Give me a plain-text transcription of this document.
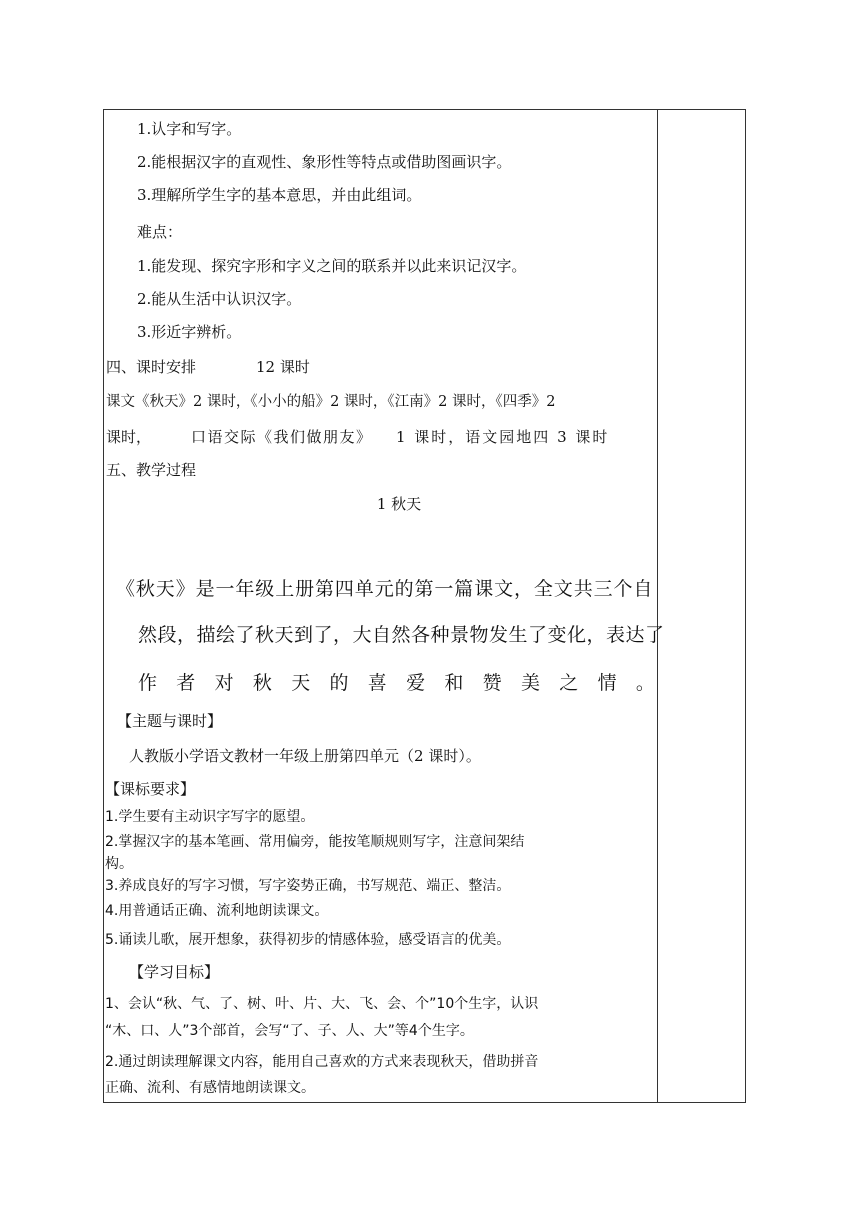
1.认字和写字。
2.能根据汉字的直观性、象形性等特点或借助图画识字。
3.理解所学生字的基本意思，并由此组词。
难点：
1.能发现、探究字形和字义之间的联系并以此来识记汉字。
2.能从生活中认识汉字。
3.形近字辨析。
四、课时安排	12 课时
课文《秋天》2 课时，《小小的船》2 课时，《江南》2 课时，《四季》2
课时，	口语交际《我们做朋友》 1 课时，语文园地四 3 课时
五、教学过程
1 秋天
《秋天》是一年级上册第四单元的第一篇课文，全文共三个自
然段，描绘了秋天到了，大自然各种景物发生了变化，表达了
作 者 对 秋 天 的 喜 爱 和 赞 美 之 情 。
【主题与课时】
人教版小学语文教材一年级上册第四单元（2 课时）。
【课标要求】
1.学生要有主动识字写字的愿望。
2.掌握汉字的基本笔画、常用偏旁，能按笔顺规则写字，注意间架结
构。
3.养成良好的写字习惯，写字姿势正确，书写规范、端正、整洁。
4.用普通话正确、流利地朗读课文。
5.诵读儿歌，展开想象，获得初步的情感体验，感受语言的优美。
【学习目标】
1、会认“秋、气、了、树、叶、片、大、飞、会、个”10个生字，认识
“木、口、人”3个部首，会写“了、子、人、大”等4个生字。
2.通过朗读理解课文内容，能用自己喜欢的方式来表现秋天，借助拼音
正确、流利、有感情地朗读课文。
